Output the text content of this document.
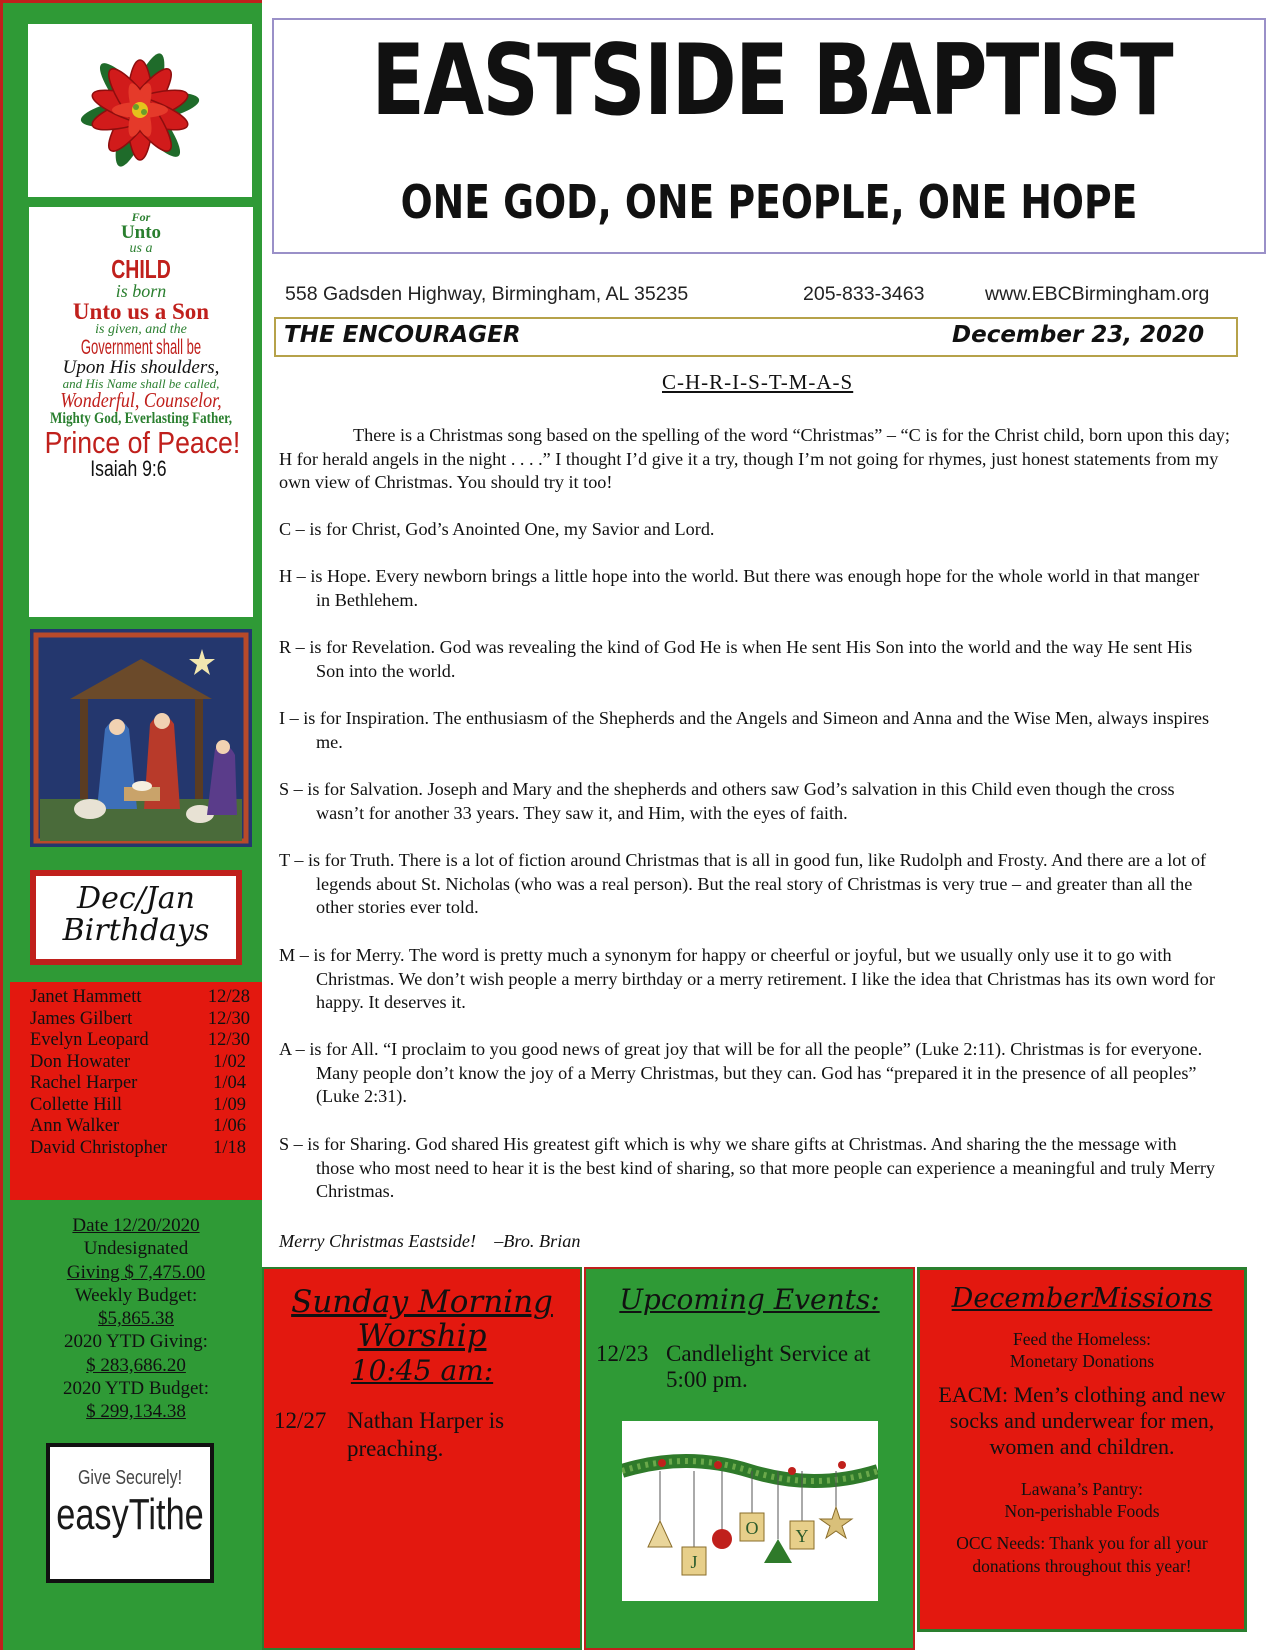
For
Unto
us a
CHILD
is born
Unto us a Son
is given, and the
Government shall be
Upon His shoulders,
and His Name shall be called,
Wonderful, Counselor,
Mighty God, Everlasting Father,
Prince of Peace!
Isaiah 9:6
Dec/Jan
Birthdays
Janet Hammett	12/28
James Gilbert	12/30
Evelyn Leopard	12/30
Don Howater	1/02
Rachel Harper	1/04
Collette Hill	1/09
Ann Walker	1/06
David Christopher 1/18
Date 12/20/2020
Undesignated
Giving $ 7,475.00
Weekly Budget:
$5,865.38
2020 YTD Giving:
$ 283,686.20
2020 YTD Budget:
$ 299,134.38
Give Securely!
easyTithe
EASTSIDE BAPTIST
ONE GOD, ONE PEOPLE, ONE HOPE
558 Gadsden Highway, Birmingham, AL 35235	205-833-3463	www.EBCBirmingham.org
THE ENCOURAGER	December 23, 2020
C-H-R-I-S-T-M-A-S
There is a Christmas song based on the spelling of the word “Christmas” – “C is for the Christ child, born upon this day; H for herald angels in the night . . . .” I thought I’d give it a try, though I’m not going for rhymes, just honest statements from my own view of Christmas. You should try it too!
C – is for Christ, God’s Anointed One, my Savior and Lord.
H – is Hope. Every newborn brings a little hope into the world. But there was enough hope for the whole world in that manger in Bethlehem.
R – is for Revelation. God was revealing the kind of God He is when He sent His Son into the world and the way He sent His Son into the world.
I – is for Inspiration. The enthusiasm of the Shepherds and the Angels and Simeon and Anna and the Wise Men, always inspires me.
S – is for Salvation. Joseph and Mary and the shepherds and others saw God’s salvation in this Child even though the cross wasn’t for another 33 years. They saw it, and Him, with the eyes of faith.
T – is for Truth. There is a lot of fiction around Christmas that is all in good fun, like Rudolph and Frosty. And there are a lot of legends about St. Nicholas (who was a real person). But the real story of Christmas is very true – and greater than all the other stories ever told.
M – is for Merry. The word is pretty much a synonym for happy or cheerful or joyful, but we usually only use it to go with Christmas. We don’t wish people a merry birthday or a merry retirement. I like the idea that Christmas has its own word for happy. It deserves it.
A – is for All. “I proclaim to you good news of great joy that will be for all the people” (Luke 2:11). Christmas is for everyone. Many people don’t know the joy of a Merry Christmas, but they can. God has “prepared it in the presence of all peoples” (Luke 2:31).
S – is for Sharing. God shared His greatest gift which is why we share gifts at Christmas. And sharing the the message with those who most need to hear it is the best kind of sharing, so that more people can experience a meaningful and truly Merry Christmas.
Merry Christmas Eastside!    –Bro. Brian
Sunday Morning
Worship
10:45 am:
12/27 Nathan Harper is preaching.
Upcoming Events:
12/23 Candlelight Service at 5:00 pm.
J
O Y
DecemberMissions
Feed the Homeless:
Monetary Donations
EACM: Men’s clothing and new socks and underwear for men, women and children.
Lawana’s Pantry:
Non-perishable Foods
OCC Needs: Thank you for all your donations throughout this year!
